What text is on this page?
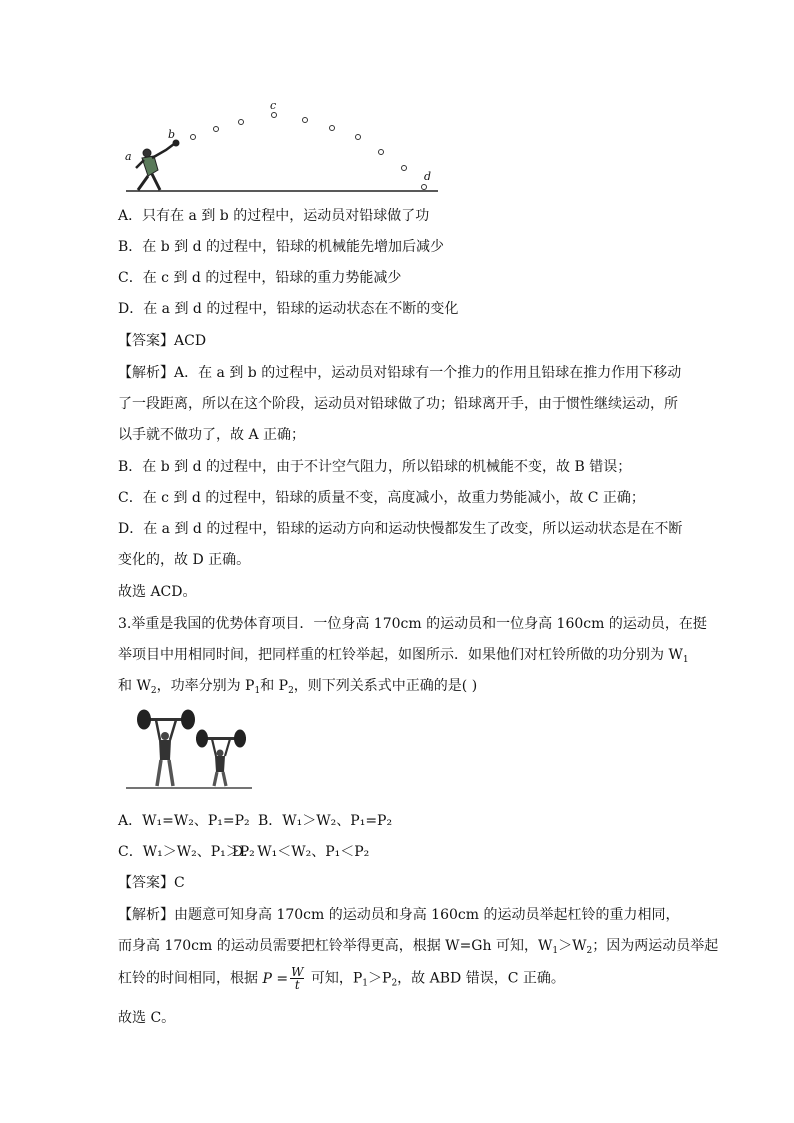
a
b
c
d
A．只有在 a 到 b 的过程中，运动员对铅球做了功
B．在 b 到 d 的过程中，铅球的机械能先增加后减少
C．在 c 到 d 的过程中，铅球的重力势能减少
D．在 a 到 d 的过程中，铅球的运动状态在不断的变化
【答案】ACD
【解析】A．在 a 到 b 的过程中，运动员对铅球有一个推力的作用且铅球在推力作用下移动
了一段距离，所以在这个阶段，运动员对铅球做了功；铅球离开手，由于惯性继续运动，所
以手就不做功了，故 A 正确；
B．在 b 到 d 的过程中，由于不计空气阻力，所以铅球的机械能不变，故 B 错误；
C．在 c 到 d 的过程中，铅球的质量不变，高度减小，故重力势能减小，故 C 正确；
D．在 a 到 d 的过程中，铅球的运动方向和运动快慢都发生了改变，所以运动状态是在不断
变化的，故 D 正确。
故选 ACD。
3.举重是我国的优势体育项目．一位身高 170cm 的运动员和一位身高 160cm 的运动员，在挺
举项目中用相同时间，把同样重的杠铃举起，如图所示．如果他们对杠铃所做的功分别为 $W_1$
和 $W_2$，功率分别为 $P_1$和 $P_2$，则下列关系式中正确的是( )
A．W₁=W₂、P₁=P₂ B．W₁＞W₂、P₁=P₂
C．W₁＞W₂、P₁＞P₂
D．W₁＜W₂、P₁＜P₂
【答案】C
【解析】由题意可知身高 170cm 的运动员和身高 160cm 的运动员举起杠铃的重力相同，
而身高 170cm 的运动员需要把杠铃举得更高，根据 W=Gh 可知，$W_1>W_2$；因为两运动员举起
杠铃的时间相同，根据 $P = \frac{W}{t}$ 可知，$P_1>P_2$，故 ABD 错误，C 正确。
故选 C。
